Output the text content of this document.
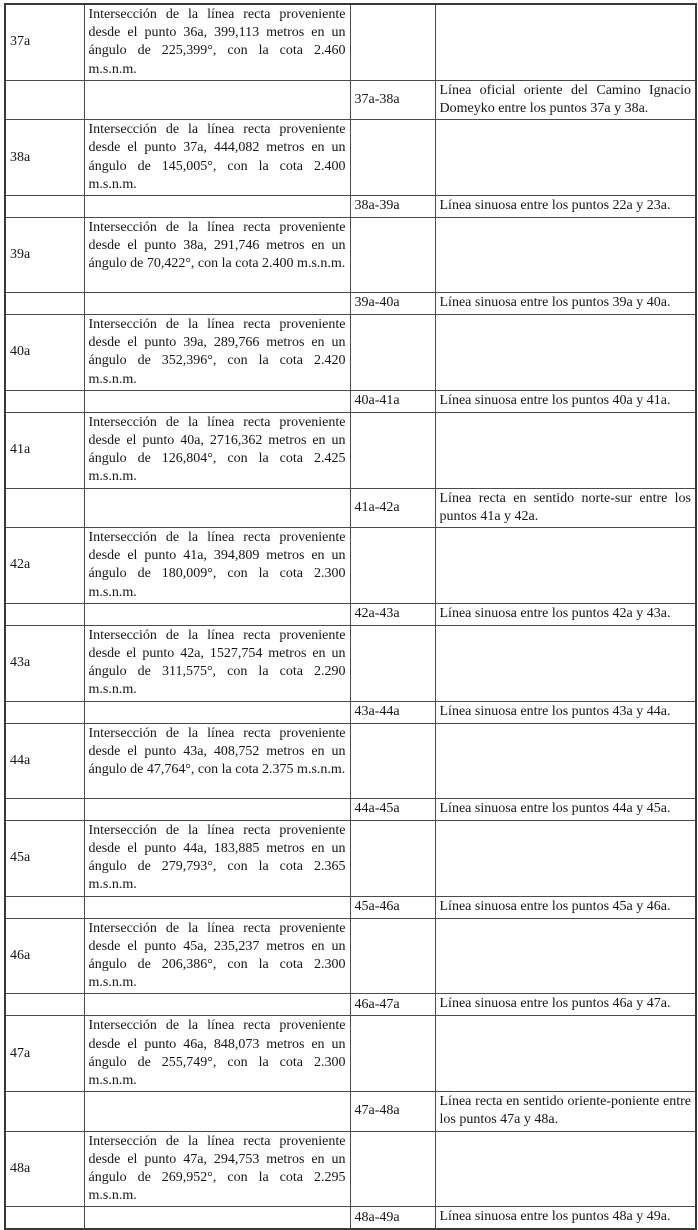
37a	Intersección de la línea recta proveniente desde el punto 36a, 399,113 metros en un ángulo de 225,399°, con la cota 2.460 m.s.n.m.		
		37a-38a	Línea oficial oriente del Camino Ignacio Domeyko entre los puntos 37a y 38a.
38a	Intersección de la línea recta proveniente desde el punto 37a, 444,082 metros en un ángulo de 145,005°, con la cota 2.400 m.s.n.m.		
		38a-39a	Línea sinuosa entre los puntos 22a y 23a.
39a	Intersección de la línea recta proveniente desde el punto 38a, 291,746 metros en un ángulo de 70,422°, con la cota 2.400 m.s.n.m.		
		39a-40a	Línea sinuosa entre los puntos 39a y 40a.
40a	Intersección de la línea recta proveniente desde el punto 39a, 289,766 metros en un ángulo de 352,396°, con la cota 2.420 m.s.n.m.		
		40a-41a	Línea sinuosa entre los puntos 40a y 41a.
41a	Intersección de la línea recta proveniente desde el punto 40a, 2716,362 metros en un ángulo de 126,804°, con la cota 2.425 m.s.n.m.		
		41a-42a	Línea recta en sentido norte-sur entre los puntos 41a y 42a.
42a	Intersección de la línea recta proveniente desde el punto 41a, 394,809 metros en un ángulo de 180,009°, con la cota 2.300 m.s.n.m.		
		42a-43a	Línea sinuosa entre los puntos 42a y 43a.
43a	Intersección de la línea recta proveniente desde el punto 42a, 1527,754 metros en un ángulo de 311,575°, con la cota 2.290 m.s.n.m.		
		43a-44a	Línea sinuosa entre los puntos 43a y 44a.
44a	Intersección de la línea recta proveniente desde el punto 43a, 408,752 metros en un ángulo de 47,764°, con la cota 2.375 m.s.n.m.		
		44a-45a	Línea sinuosa entre los puntos 44a y 45a.
45a	Intersección de la línea recta proveniente desde el punto 44a, 183,885 metros en un ángulo de 279,793°, con la cota 2.365 m.s.n.m.		
		45a-46a	Línea sinuosa entre los puntos 45a y 46a.
46a	Intersección de la línea recta proveniente desde el punto 45a, 235,237 metros en un ángulo de 206,386°, con la cota 2.300 m.s.n.m.		
		46a-47a	Línea sinuosa entre los puntos 46a y 47a.
47a	Intersección de la línea recta proveniente desde el punto 46a, 848,073 metros en un ángulo de 255,749°, con la cota 2.300 m.s.n.m.		
		47a-48a	Línea recta en sentido oriente-poniente entre los puntos 47a y 48a.
48a	Intersección de la línea recta proveniente desde el punto 47a, 294,753 metros en un ángulo de 269,952°, con la cota 2.295 m.s.n.m.		
		48a-49a	Línea sinuosa entre los puntos 48a y 49a.
